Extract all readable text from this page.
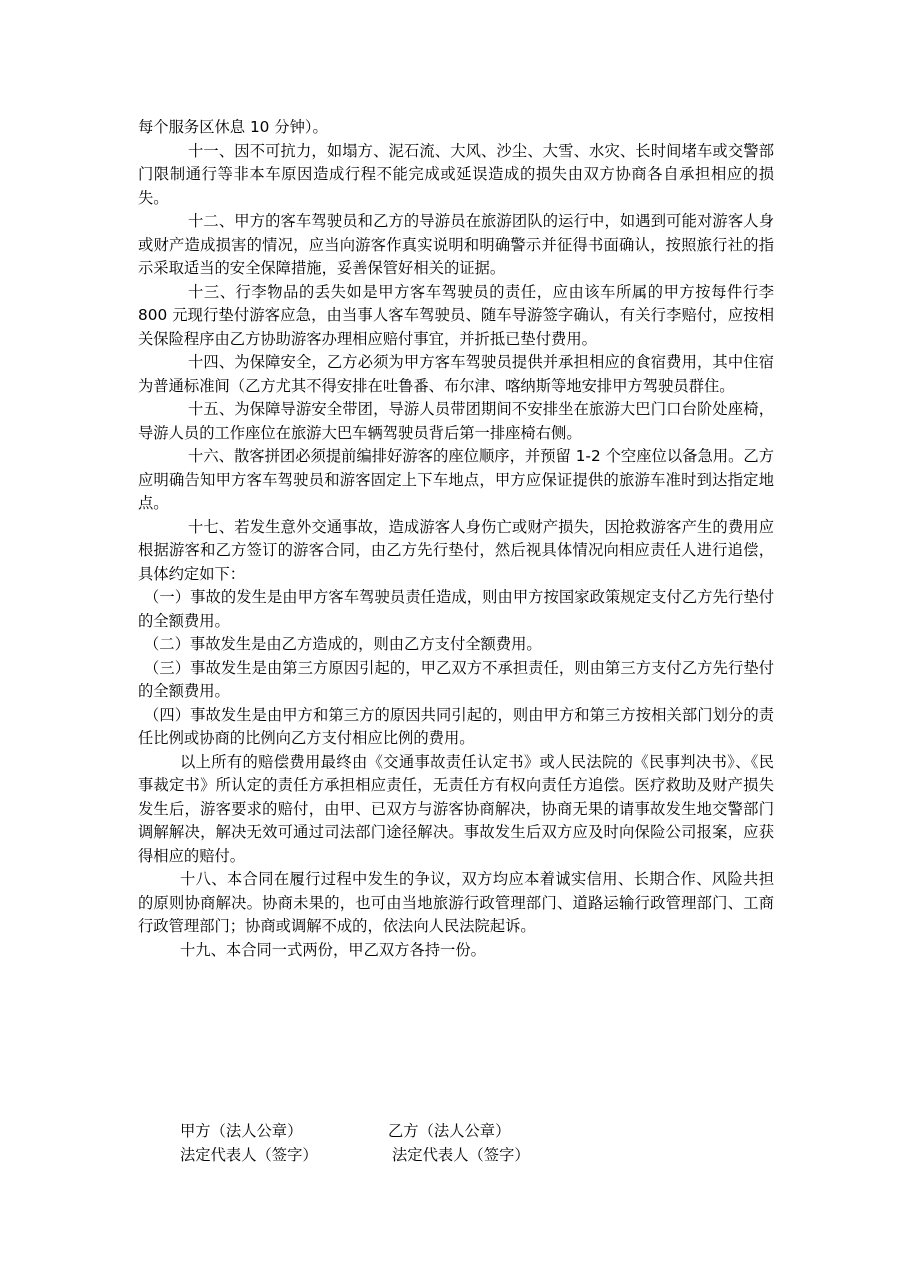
每个服务区休息 10 分钟）。

十一、因不可抗力，如塌方、泥石流、大风、沙尘、大雪、水灾、长时间堵车或交警部门限制通行等非本车原因造成行程不能完成或延误造成的损失由双方协商各自承担相应的损失。

十二、甲方的客车驾驶员和乙方的导游员在旅游团队的运行中，如遇到可能对游客人身或财产造成损害的情况，应当向游客作真实说明和明确警示并征得书面确认，按照旅行社的指示采取适当的安全保障措施，妥善保管好相关的证据。

十三、行李物品的丢失如是甲方客车驾驶员的责任，应由该车所属的甲方按每件行李 800 元现行垫付游客应急，由当事人客车驾驶员、随车导游签字确认，有关行李赔付，应按相关保险程序由乙方协助游客办理相应赔付事宜，并折抵已垫付费用。

十四、为保障安全，乙方必须为甲方客车驾驶员提供并承担相应的食宿费用，其中住宿为普通标准间（乙方尤其不得安排在吐鲁番、布尔津、喀纳斯等地安排甲方驾驶员群住。

十五、为保障导游安全带团，导游人员带团期间不安排坐在旅游大巴门口台阶处座椅，导游人员的工作座位在旅游大巴车辆驾驶员背后第一排座椅右侧。

十六、散客拼团必须提前编排好游客的座位顺序，并预留 1-2 个空座位以备急用。乙方应明确告知甲方客车驾驶员和游客固定上下车地点，甲方应保证提供的旅游车准时到达指定地点。

十七、若发生意外交通事故，造成游客人身伤亡或财产损失，因抢救游客产生的费用应根据游客和乙方签订的游客合同，由乙方先行垫付，然后视具体情况向相应责任人进行追偿，具体约定如下：

（一）事故的发生是由甲方客车驾驶员责任造成，则由甲方按国家政策规定支付乙方先行垫付的全额费用。

（二）事故发生是由乙方造成的，则由乙方支付全额费用。

（三）事故发生是由第三方原因引起的，甲乙双方不承担责任，则由第三方支付乙方先行垫付的全额费用。

（四）事故发生是由甲方和第三方的原因共同引起的，则由甲方和第三方按相关部门划分的责任比例或协商的比例向乙方支付相应比例的费用。

以上所有的赔偿费用最终由《交通事故责任认定书》或人民法院的《民事判决书》、《民事裁定书》所认定的责任方承担相应责任，无责任方有权向责任方追偿。医疗救助及财产损失发生后，游客要求的赔付，由甲、已双方与游客协商解决，协商无果的请事故发生地交警部门调解解决，解决无效可通过司法部门途径解决。事故发生后双方应及时向保险公司报案，应获得相应的赔付。

十八、本合同在履行过程中发生的争议，双方均应本着诚实信用、长期合作、风险共担的原则协商解决。协商未果的，也可由当地旅游行政管理部门、道路运输行政管理部门、工商行政管理部门；协商或调解不成的，依法向人民法院起诉。

十九、本合同一式两份，甲乙双方各持一份。

甲方（法人公章）	乙方（法人公章）
法定代表人（签字）	法定代表人（签字）
